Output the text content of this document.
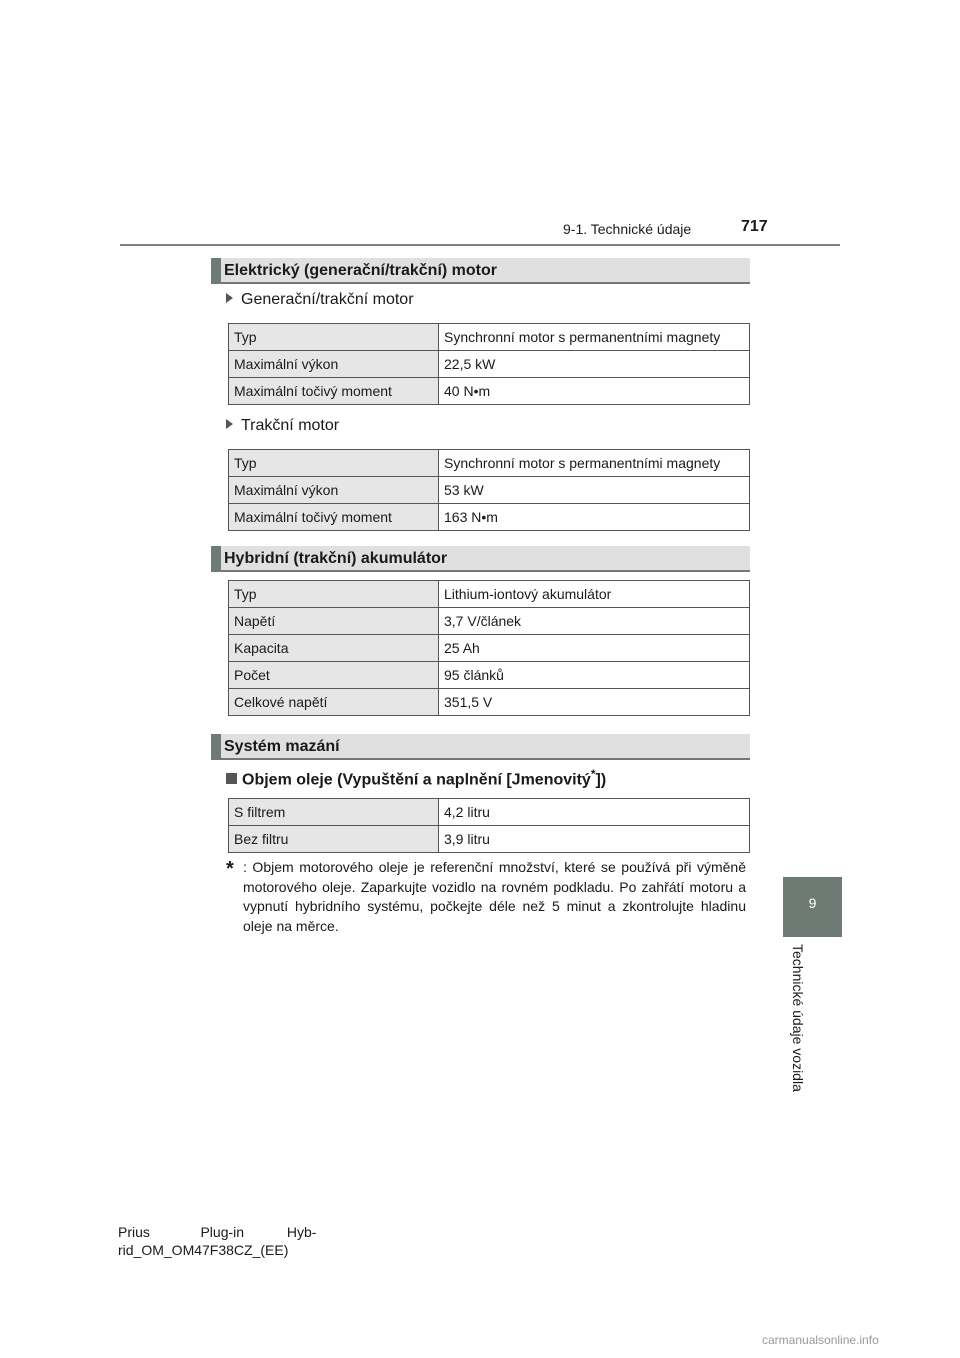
9-1. Technické údaje	717
Elektrický (generační/trakční) motor
Generační/trakční motor
Typ	Synchronní motor s permanentními magnety
Maximální výkon	22,5 kW
Maximální točivý moment	40 N•m
Trakční motor
Typ	Synchronní motor s permanentními magnety
Maximální výkon	53 kW
Maximální točivý moment	163 N•m
Hybridní (trakční) akumulátor
Typ	Lithium-iontový akumulátor
Napětí	3,7 V/článek
Kapacita	25 Ah
Počet	95 článků
Celkové napětí	351,5 V
Systém mazání
Objem oleje (Vypuštění a naplnění [Jmenovitý*])
S filtrem	4,2 litru
Bez filtru	3,9 litru
* : Objem motorového oleje je referenční množství, které se používá při výměně motorového oleje. Zaparkujte vozidlo na rovném podkladu. Po zahřátí motoru a vypnutí hybridního systému, počkejte déle než 5 minut a zkontrolujte hladinu oleje na měrce.
9
Technické údaje vozidla
Prius             Plug-in           Hyb-
rid_OM_OM47F38CZ_(EE)
carmanualsonline.info
